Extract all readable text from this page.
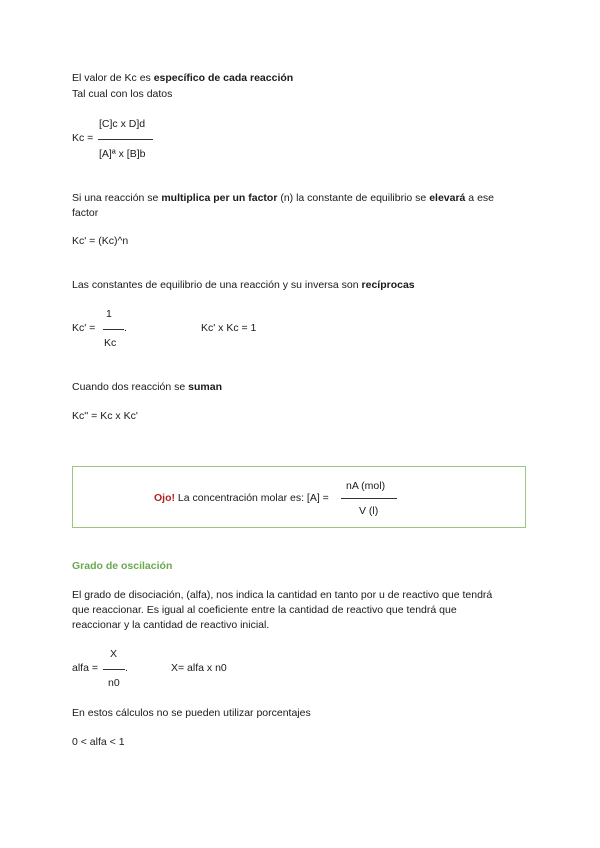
El valor de Kc es específico de cada reacción
Tal cual con los datos
[C]c x D]d
Kc =
[A]ª x [B]b
Si una reacción se multiplica per un factor (n) la constante de equilibrio se elevará a ese
factor
Kc' = (Kc)^n
Las constantes de equilibrio de una reacción y su inversa son recíprocas
1
Kc' =	.	Kc' x Kc = 1
Kc
Cuando dos reacción se suman
Kc'' = Kc x Kc'
nA (mol)
Ojo! La concentración molar es: [A] =
V (l)
Grado de oscilación
El grado de disociación, (alfa), nos indica la cantidad en tanto por u de reactivo que tendrá
que reaccionar. Es igual al coeficiente entre la cantidad de reactivo que tendrá que
reaccionar y la cantidad de reactivo inicial.
X
alfa =	.	X= alfa x n0
n0
En estos cálculos no se pueden utilizar porcentajes
0 < alfa < 1
